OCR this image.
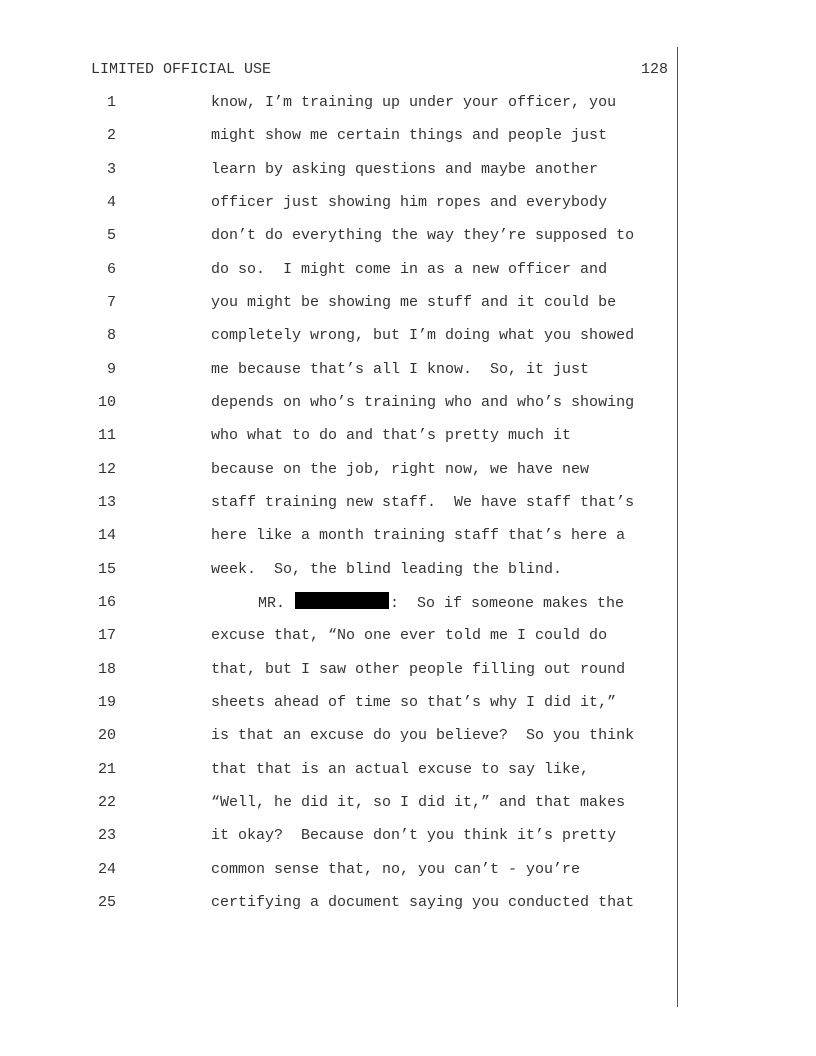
LIMITED OFFICIAL USE	128
1	know, I’m training up under your officer, you
2	might show me certain things and people just
3	learn by asking questions and maybe another
4	officer just showing him ropes and everybody
5	don’t do everything the way they’re supposed to
6	do so.  I might come in as a new officer and
7	you might be showing me stuff and it could be
8	completely wrong, but I’m doing what you showed
9	me because that’s all I know.  So, it just
10	depends on who’s training who and who’s showing
11	who what to do and that’s pretty much it
12	because on the job, right now, we have new
13	staff training new staff.  We have staff that’s
14	here like a month training staff that’s here a
15	week.  So, the blind leading the blind.
16	MR.	:  So if someone makes the
17	excuse that, “No one ever told me I could do
18	that, but I saw other people filling out round
19	sheets ahead of time so that’s why I did it,”
20	is that an excuse do you believe?  So you think
21	that that is an actual excuse to say like,
22	“Well, he did it, so I did it,” and that makes
23	it okay?  Because don’t you think it’s pretty
24	common sense that, no, you can’t - you’re
25	certifying a document saying you conducted that
